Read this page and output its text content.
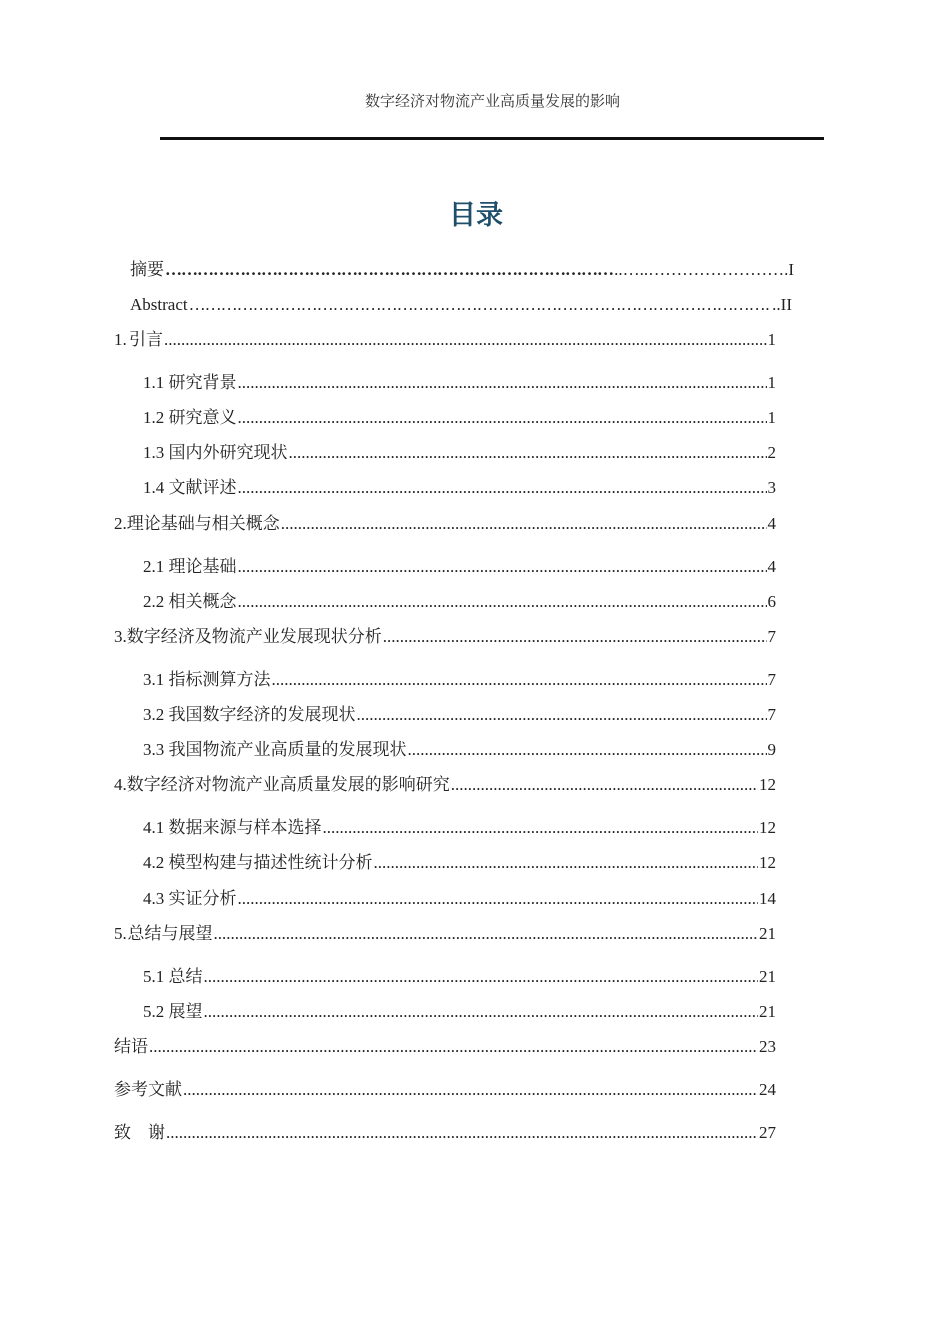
数字经济对物流产业高质量发展的影响
目录
摘要 ……………………………………………………………………………………………………………………………………	..…..…………………….I
Abstract ……………………………………………………………………………………………………………………………………	..II
1. 引言 .....	1
1.1 研究背景 .....	1
1.2 研究意义 .....	1
1.3 国内外研究现状 .....	2
1.4 文献评述 .....	3
2. 理论基础与相关概念 .....	4
2.1 理论基础 .....	4
2.2 相关概念 .....	6
3. 数字经济及物流产业发展现状分析 .....	7
3.1 指标测算方法 .....	7
3.2 我国数字经济的发展现状 .....	7
3.3 我国物流产业高质量的发展现状 .....	9
4. 数字经济对物流产业高质量发展的影响研究 .....	12
4.1 数据来源与样本选择 .....	12
4.2 模型构建与描述性统计分析 .....	12
4.3 实证分析 .....	14
5. 总结与展望 .....	21
5.1 总结 .....	21
5.2 展望 .....	21
结语 .....	23
参考文献 .....	24
致　谢 .....	27
